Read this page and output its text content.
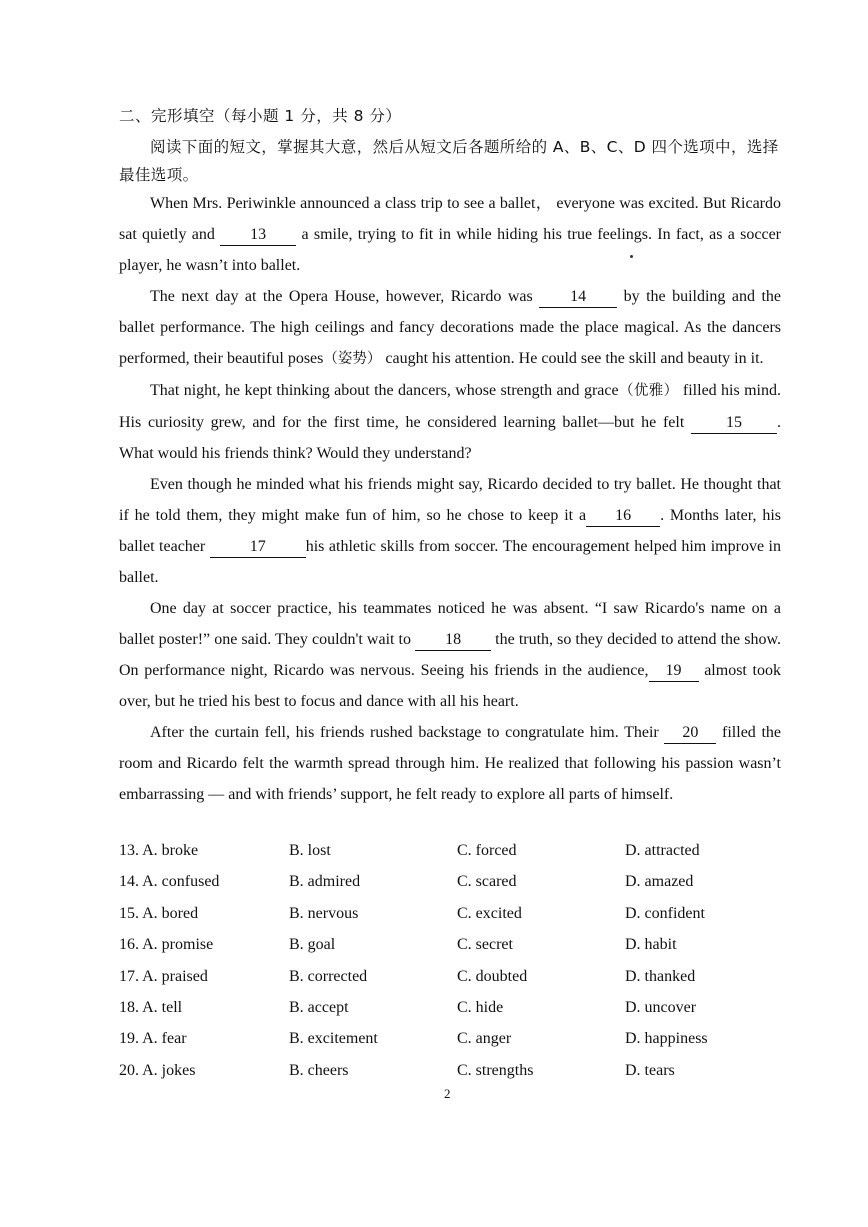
二、完形填空（每小题 1 分，共 8 分）
阅读下面的短文，掌握其大意，然后从短文后各题所给的 A、B、C、D 四个选项中，选择最佳选项。

When Mrs. Periwinkle announced a class trip to see a ballet， everyone was excited. But Ricardo sat quietly and 13 a smile, trying to fit in while hiding his true feelings. In fact, as a soccer player, he wasn’t into ballet.

The next day at the Opera House, however, Ricardo was 14 by the building and the ballet performance. The high ceilings and fancy decorations made the place magical. As the dancers performed, their beautiful poses（姿势） caught his attention. He could see the skill and beauty in it.

That night, he kept thinking about the dancers, whose strength and grace（优雅） filled his mind. His curiosity grew, and for the first time, he considered learning ballet—but he felt 15 . What would his friends think? Would they understand?

Even though he minded what his friends might say, Ricardo decided to try ballet. He thought that if he told them, they might make fun of him, so he chose to keep it a 16 . Months later, his ballet teacher	17	his athletic skills from soccer. The encouragement helped him improve in ballet.

One day at soccer practice, his teammates noticed he was absent. “I saw Ricardo's name on a ballet poster!” one said. They couldn't wait to 18 the truth, so they decided to attend the show. On performance night, Ricardo was nervous. Seeing his friends in the audience, 19 almost took over, but he tried his best to focus and dance with all his heart.

After the curtain fell, his friends rushed backstage to congratulate him. Their 20 filled the room and Ricardo felt the warmth spread through him. He realized that following his passion wasn’t embarrassing — and with friends’ support, he felt ready to explore all parts of himself.

13. A. broke	B. lost	C. forced	D. attracted
14. A. confused	B. admired	C. scared	D. amazed
15. A. bored	B. nervous	C. excited	D. confident
16. A. promise	B. goal	C. secret	D. habit
17. A. praised	B. corrected	C. doubted	D. thanked
18. A. tell	B. accept	C. hide	D. uncover
19. A. fear	B. excitement	C. anger	D. happiness
20. A. jokes	B. cheers	C. strengths	D. tears
2
